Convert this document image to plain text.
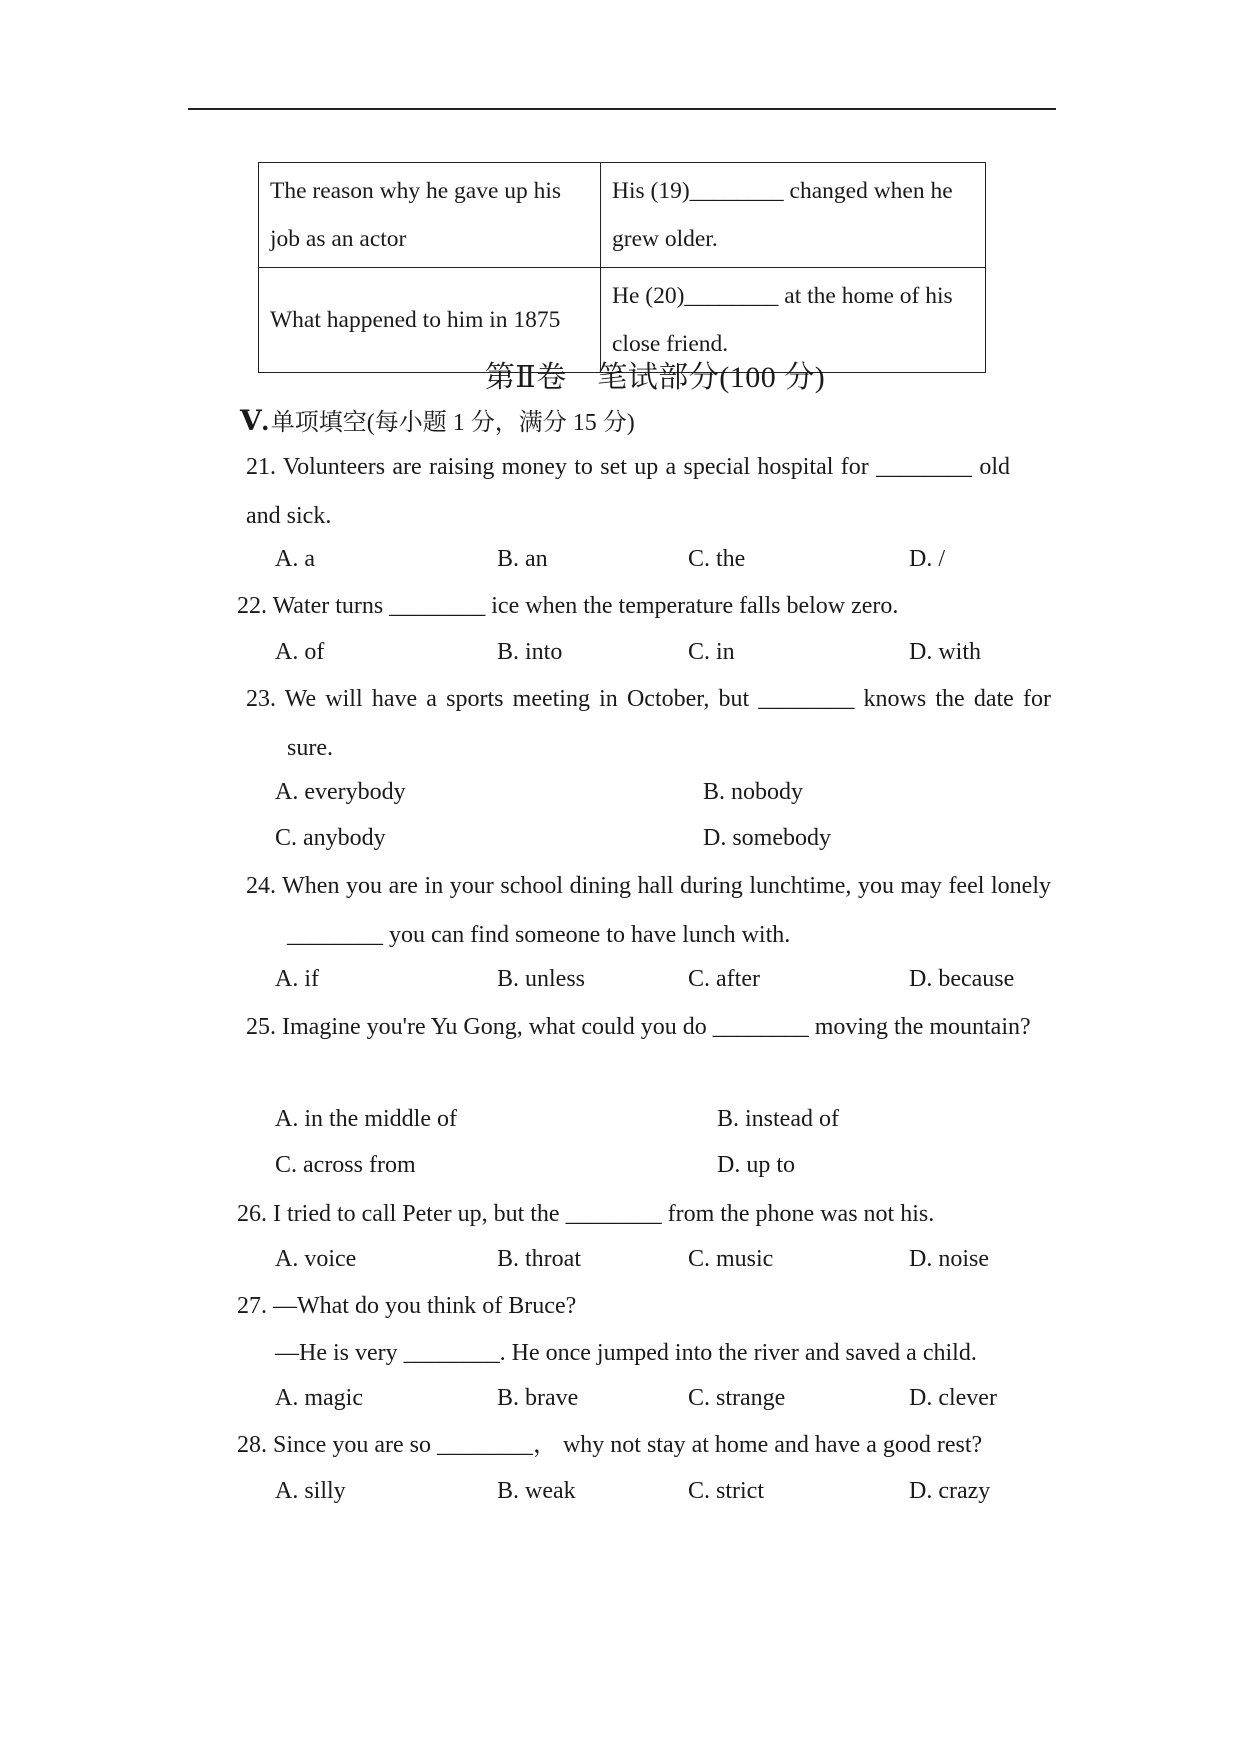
The reason why he gave up his job as an actor	His (19)________ changed when he grew older.
What happened to him in 1875	He (20)________ at the home of his close friend.
第Ⅱ卷　笔试部分(100 分)
Ⅴ.单项填空(每小题 1 分，满分 15 分)
21. Volunteers are raising money to set up a special hospital for ________ old and sick.
A. a	B. an	C. the	D. /
22. Water turns ________ ice when the temperature falls below zero.
A. of	B. into	C. in	D. with
23. We will have a sports meeting in October, but ________ knows the date for sure.
A. everybody	B. nobody
C. anybody	D. somebody
24. When you are in your school dining hall during lunchtime, you may feel lonely ________ you can find someone to have lunch with.
A. if	B. unless	C. after	D. because
25. Imagine you're Yu Gong, what could you do ________ moving the mountain?
A. in the middle of	B. instead of
C. across from	D. up to
26. I tried to call Peter up, but the ________ from the phone was not his.
A. voice	B. throat	C. music	D. noise
27. —What do you think of Bruce?
—He is very ________. He once jumped into the river and saved a child.
A. magic	B. brave	C. strange	D. clever
28. Since you are so ________， why not stay at home and have a good rest?
A. silly	B. weak	C. strict	D. crazy
